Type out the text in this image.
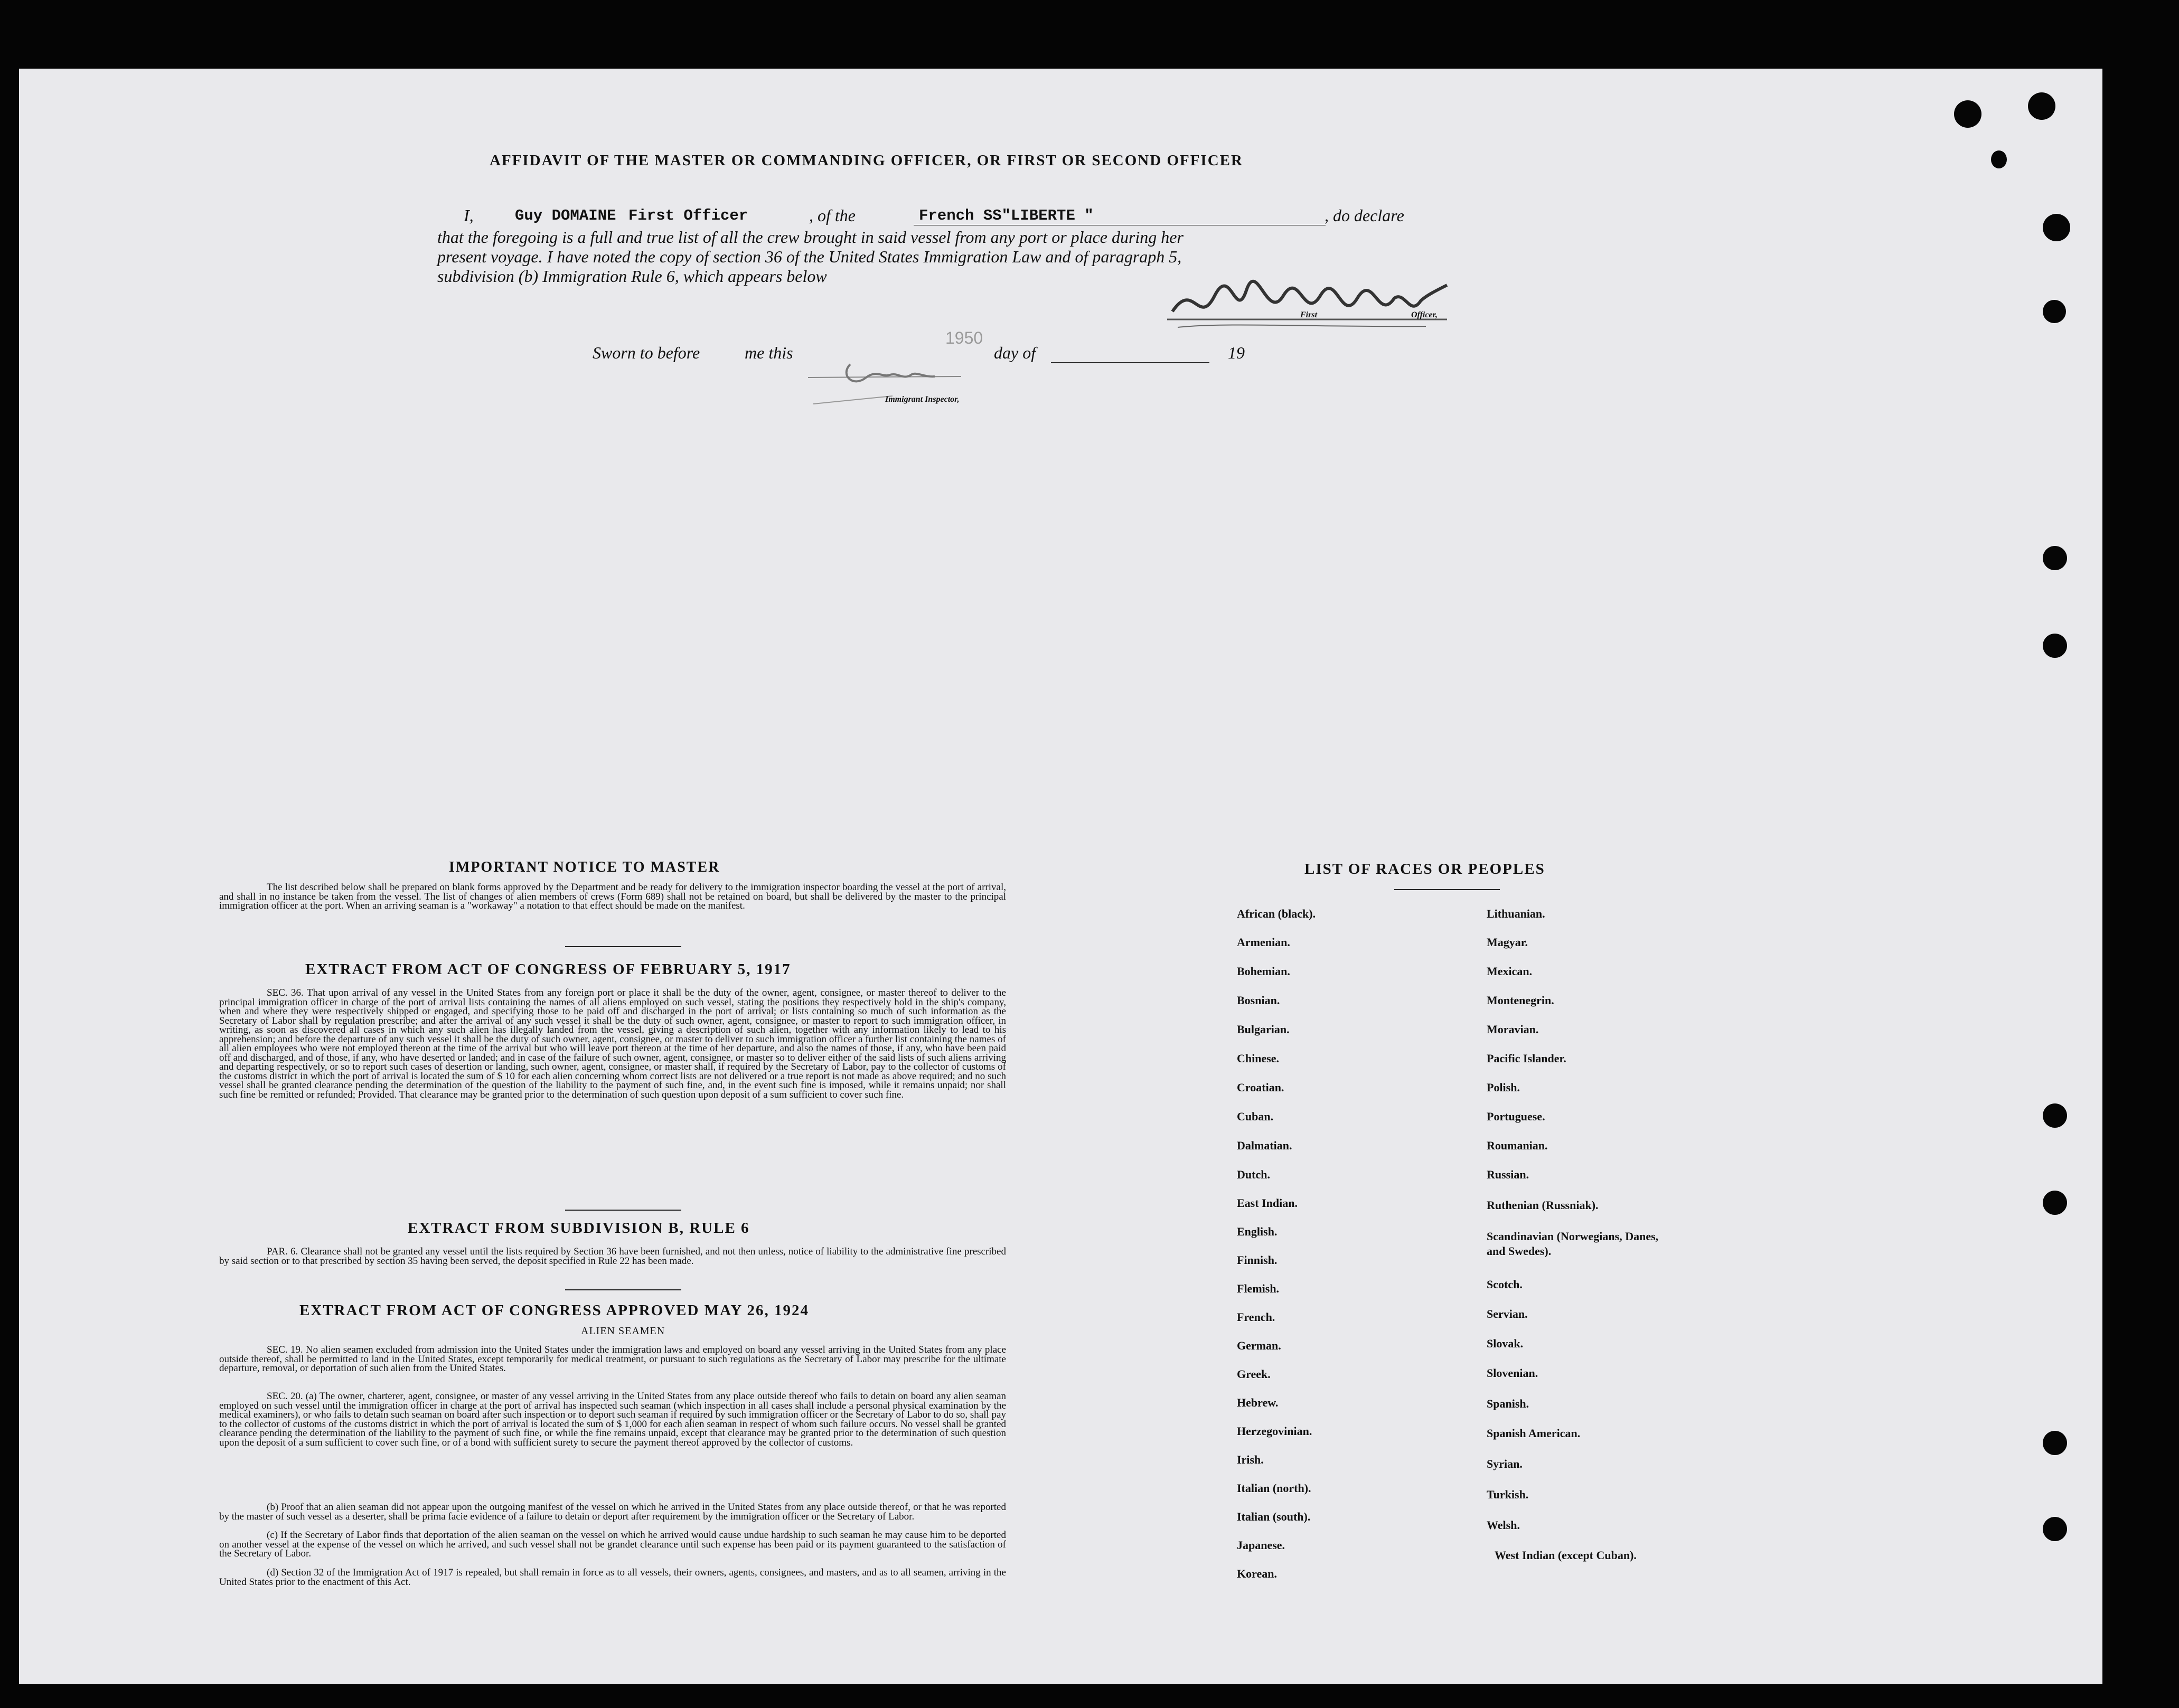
AFFIDAVIT OF THE MASTER OR COMMANDING OFFICER, OR FIRST OR SECOND OFFICER
I,	Guy DOMAINE First Officer	, of the	French SS"LIBERTE "	, do declare
that the foregoing is a full and true list of all the crew brought in said vessel from any port or place during her
present voyage. I have noted the copy of section 36 of the United States Immigration Law and of paragraph 5,
subdivision (b) Immigration Rule 6, which appears below
First	Officer,
Sworn to before	me this
1950
day of	19
Immigrant Inspector,
IMPORTANT NOTICE TO MASTER
The list described below shall be prepared on blank forms approved by the Department and be ready for delivery to the immigration inspector boarding the vessel at the port of arrival, and shall in no instance be taken from the vessel. The list of changes of alien members of crews (Form 689) shall not be retained on board, but shall be delivered by the master to the principal immigration officer at the port. When an arriving seaman is a "workaway" a notation to that effect should be made on the manifest.
EXTRACT FROM ACT OF CONGRESS OF FEBRUARY 5, 1917
SEC. 36. That upon arrival of any vessel in the United States from any foreign port or place it shall be the duty of the owner, agent, consignee, or master thereof to deliver to the principal immigration officer in charge of the port of arrival lists containing the names of all aliens employed on such vessel, stating the positions they respectively hold in the ship's company, when and where they were respectively shipped or engaged, and specifying those to be paid off and discharged in the port of arrival; or lists containing so much of such information as the Secretary of Labor shall by regulation prescribe; and after the arrival of any such vessel it shall be the duty of such owner, agent, consignee, or master to report to such immigration officer, in writing, as soon as discovered all cases in which any such alien has illegally landed from the vessel, giving a description of such alien, together with any information likely to lead to his apprehension; and before the departure of any such vessel it shall be the duty of such owner, agent, consignee, or master to deliver to such immigration officer a further list containing the names of all alien employees who were not employed thereon at the time of the arrival but who will leave port thereon at the time of her departure, and also the names of those, if any, who have been paid off and discharged, and of those, if any, who have deserted or landed; and in case of the failure of such owner, agent, consignee, or master so to deliver either of the said lists of such aliens arriving and departing respectively, or so to report such cases of desertion or landing, such owner, agent, consignee, or master shall, if required by the Secretary of Labor, pay to the collector of customs of the customs district in which the port of arrival is located the sum of $ 10 for each alien concerning whom correct lists are not delivered or a true report is not made as above required; and no such vessel shall be granted clearance pending the determination of the question of the liability to the payment of such fine, and, in the event such fine is imposed, while it remains unpaid; nor shall such fine be remitted or refunded; Provided. That clearance may be granted prior to the determination of such question upon deposit of a sum sufficient to cover such fine.
EXTRACT FROM SUBDIVISION B, RULE 6
PAR. 6. Clearance shall not be granted any vessel until the lists required by Section 36 have been furnished, and not then unless, notice of liability to the administrative fine prescribed by said section or to that prescribed by section 35 having been served, the deposit specified in Rule 22 has been made.
EXTRACT FROM ACT OF CONGRESS APPROVED MAY 26, 1924
ALIEN SEAMEN
SEC. 19. No alien seamen excluded from admission into the United States under the immigration laws and employed on board any vessel arriving in the United States from any place outside thereof, shall be permitted to land in the United States, except temporarily for medical treatment, or pursuant to such regulations as the Secretary of Labor may prescribe for the ultimate departure, removal, or deportation of such alien from the United States.
SEC. 20. (a) The owner, charterer, agent, consignee, or master of any vessel arriving in the United States from any place outside thereof who fails to detain on board any alien seaman employed on such vessel until the immigration officer in charge at the port of arrival has inspected such seaman (which inspection in all cases shall include a personal physical examination by the medical examiners), or who fails to detain such seaman on board after such inspection or to deport such seaman if required by such immigration officer or the Secretary of Labor to do so, shall pay to the collector of customs of the customs district in which the port of arrival is located the sum of $ 1,000 for each alien seaman in respect of whom such failure occurs. No vessel shall be granted clearance pending the determination of the liability to the payment of such fine, or while the fine remains unpaid, except that clearance may be granted prior to the determination of such question upon the deposit of a sum sufficient to cover such fine, or of a bond with sufficient surety to secure the payment thereof approved by the collector of customs.
(b) Proof that an alien seaman did not appear upon the outgoing manifest of the vessel on which he arrived in the United States from any place outside thereof, or that he was reported by the master of such vessel as a deserter, shall be prima facie evidence of a failure to detain or deport after requirement by the immigration officer or the Secretary of Labor.
(c) If the Secretary of Labor finds that deportation of the alien seaman on the vessel on which he arrived would cause undue hardship to such seaman he may cause him to be deported on another vessel at the expense of the vessel on which he arrived, and such vessel shall not be grandet clearance until such expense has been paid or its payment guaranteed to the satisfaction of the Secretary of Labor.
(d) Section 32 of the Immigration Act of 1917 is repealed, but shall remain in force as to all vessels, their owners, agents, consignees, and masters, and as to all seamen, arriving in the United States prior to the enactment of this Act.
LIST OF RACES OR PEOPLES
African (black).
Armenian.
Bohemian.
Bosnian.
Bulgarian.
Chinese.
Croatian.
Cuban.
Dalmatian.
Dutch.
East Indian.
English.
Finnish.
Flemish.
French.
German.
Greek.
Hebrew.
Herzegovinian.
Irish.
Italian (north).
Italian (south).
Japanese.
Korean.
Lithuanian.
Magyar.
Mexican.
Montenegrin.
Moravian.
Pacific Islander.
Polish.
Portuguese.
Roumanian.
Russian.
Ruthenian (Russniak).
Scandinavian (Norwegians, Danes, and Swedes).
Scotch.
Servian.
Slovak.
Slovenian.
Spanish.
Spanish American.
Syrian.
Turkish.
Welsh.
West Indian (except Cuban).
